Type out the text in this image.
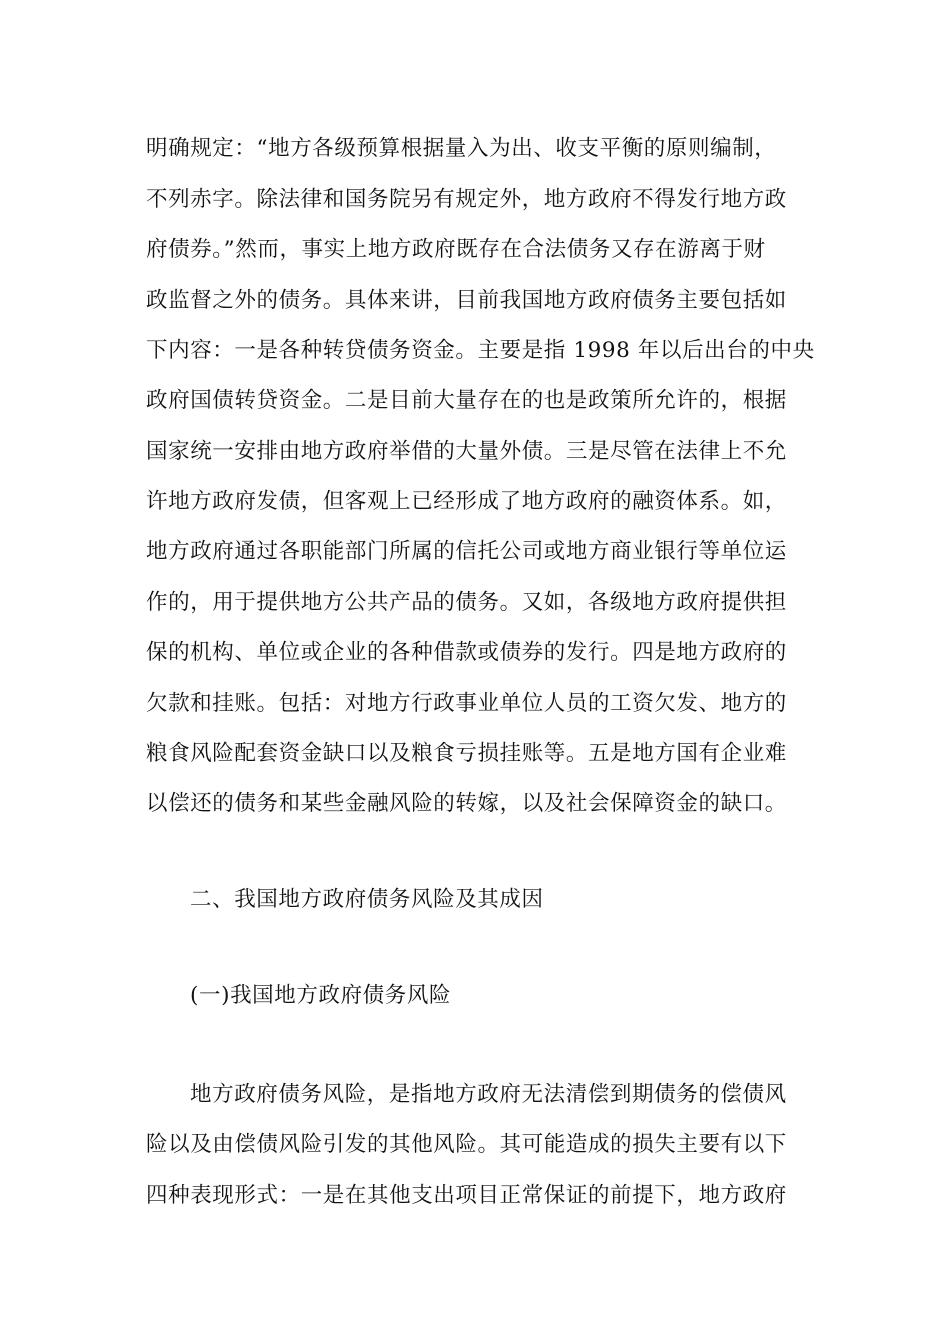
明确规定：“地方各级预算根据量入为出、收支平衡的原则编制，
不列赤字。除法律和国务院另有规定外，地方政府不得发行地方政
府债券。”然而，事实上地方政府既存在合法债务又存在游离于财
政监督之外的债务。具体来讲，目前我国地方政府债务主要包括如
下内容：一是各种转贷债务资金。主要是指 1998 年以后出台的中央
政府国债转贷资金。二是目前大量存在的也是政策所允许的，根据
国家统一安排由地方政府举借的大量外债。三是尽管在法律上不允
许地方政府发债，但客观上已经形成了地方政府的融资体系。如，
地方政府通过各职能部门所属的信托公司或地方商业银行等单位运
作的，用于提供地方公共产品的债务。又如，各级地方政府提供担
保的机构、单位或企业的各种借款或债券的发行。四是地方政府的
欠款和挂账。包括：对地方行政事业单位人员的工资欠发、地方的
粮食风险配套资金缺口以及粮食亏损挂账等。五是地方国有企业难
以偿还的债务和某些金融风险的转嫁，以及社会保障资金的缺口。
二、我国地方政府债务风险及其成因
(一)我国地方政府债务风险
地方政府债务风险，是指地方政府无法清偿到期债务的偿债风
险以及由偿债风险引发的其他风险。其可能造成的损失主要有以下
四种表现形式：一是在其他支出项目正常保证的前提下，地方政府
